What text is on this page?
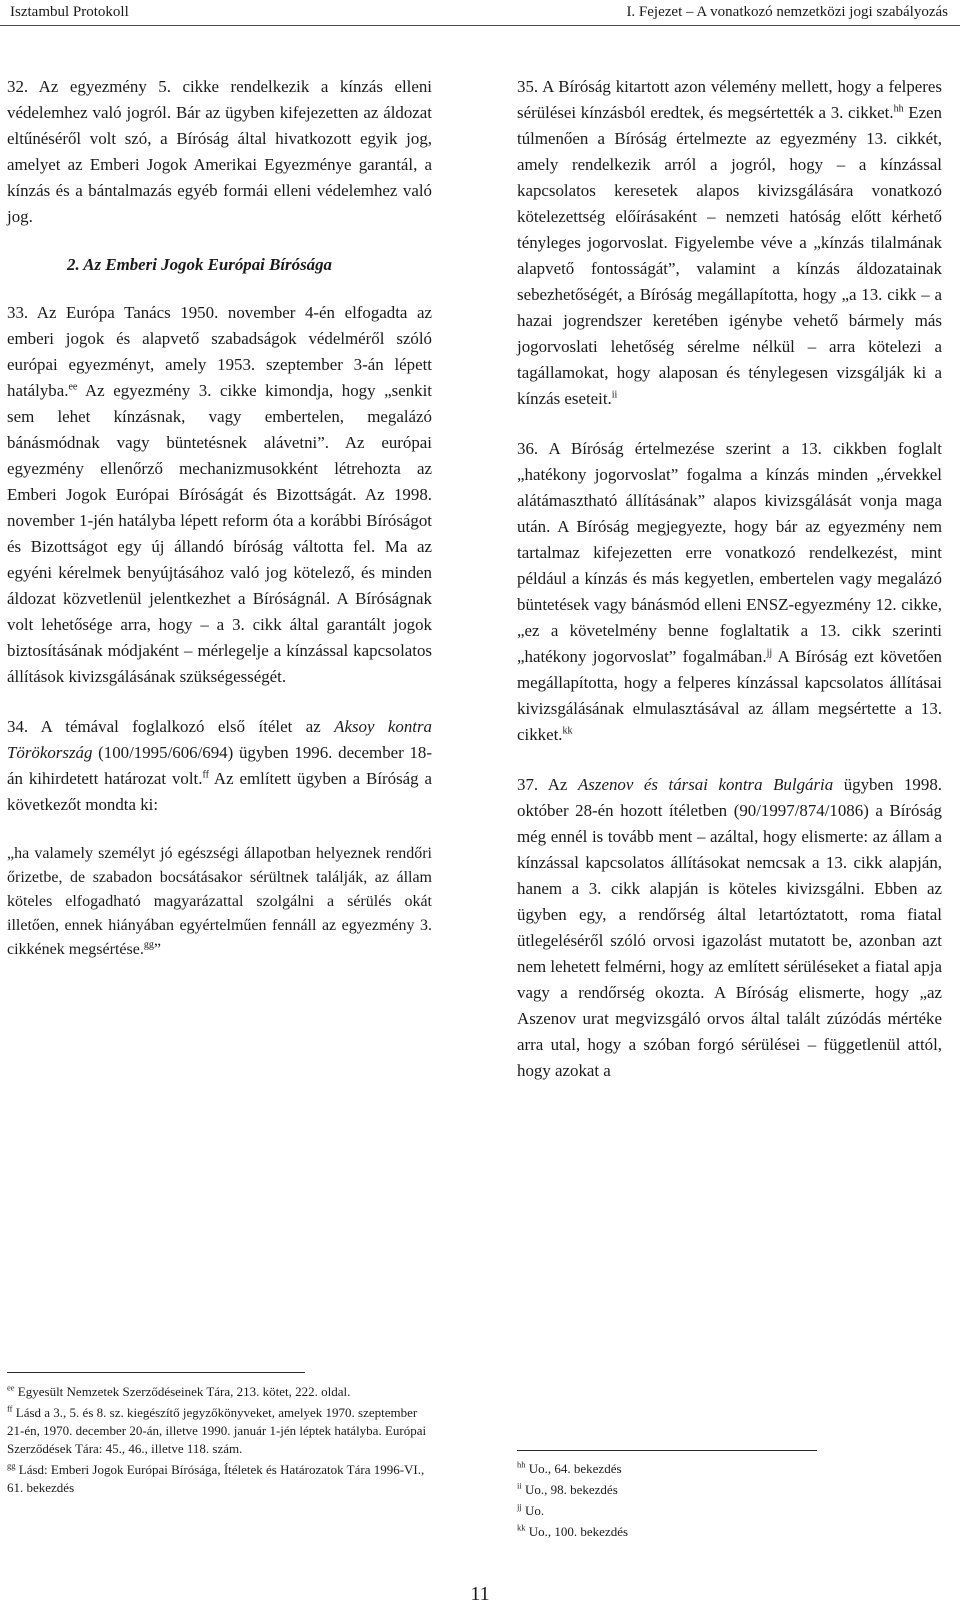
Isztambul Protokoll	I. Fejezet – A vonatkozó nemzetközi jogi szabályozás

32. Az egyezmény 5. cikke rendelkezik a kínzás elleni védelemhez való jogról. Bár az ügyben kifejezetten az áldozat eltűnéséről volt szó, a Bíróság által hivatkozott egyik jog, amelyet az Emberi Jogok Amerikai Egyezménye garantál, a kínzás és a bántalmazás egyéb formái elleni védelemhez való jog.

2. Az Emberi Jogok Európai Bírósága

33. Az Európa Tanács 1950. november 4-én elfogadta az emberi jogok és alapvető szabadságok védelméről szóló európai egyezményt, amely 1953. szeptember 3-án lépett hatályba.$^{ee}$ Az egyezmény 3. cikke kimondja, hogy „senkit sem lehet kínzásnak, vagy embertelen, megalázó bánásmódnak vagy büntetésnek alávetni”. Az európai egyezmény ellenőrző mechanizmusokként létrehozta az Emberi Jogok Európai Bíróságát és Bizottságát. Az 1998. november 1-jén hatályba lépett reform óta a korábbi Bíróságot és Bizottságot egy új állandó bíróság váltotta fel. Ma az egyéni kérelmek benyújtásához való jog kötelező, és minden áldozat közvetlenül jelentkezhet a Bíróságnál. A Bíróságnak volt lehetősége arra, hogy – a 3. cikk által garantált jogok biztosításának módjaként – mérlegelje a kínzással kapcsolatos állítások kivizsgálásának szükségességét.

34. A témával foglalkozó első ítélet az Aksoy kontra Törökország (100/1995/606/694) ügyben 1996. december 18-án kihirdetett határozat volt.$^{ff}$ Az említett ügyben a Bíróság a következőt mondta ki:

„ha valamely személyt jó egészségi állapotban helyeznek rendőri őrizetbe, de szabadon bocsátásakor sérültnek találják, az állam köteles elfogadható magyarázattal szolgálni a sérülés okát illetően, ennek hiányában egyértelműen fennáll az egyezmény 3. cikkének megsértése.$^{gg}$”

$^{ee}$ Egyesült Nemzetek Szerződéseinek Tára, 213. kötet, 222. oldal.

$^{ff}$ Lásd a 3., 5. és 8. sz. kiegészítő jegyzőkönyveket, amelyek 1970. szeptember 21-én, 1970. december 20-án, illetve 1990. január 1-jén léptek hatályba. Európai Szerződések Tára: 45., 46., illetve 118. szám.

$^{gg}$ Lásd: Emberi Jogok Európai Bírósága, Ítéletek és Határozatok Tára 1996-VI., 61. bekezdés

35. A Bíróság kitartott azon vélemény mellett, hogy a felperes sérülései kínzásból eredtek, és megsértették a 3. cikket.$^{hh}$ Ezen túlmenően a Bíróság értelmezte az egyezmény 13. cikkét, amely rendelkezik arról a jogról, hogy – a kínzással kapcsolatos keresetek alapos kivizsgálására vonatkozó kötelezettség előírásaként – nemzeti hatóság előtt kérhető tényleges jogorvoslat. Figyelembe véve a „kínzás tilalmának alapvető fontosságát”, valamint a kínzás áldozatainak sebezhetőségét, a Bíróság megállapította, hogy „a 13. cikk – a hazai jogrendszer keretében igénybe vehető bármely más jogorvoslati lehetőség sérelme nélkül – arra kötelezi a tagállamokat, hogy alaposan és ténylegesen vizsgálják ki a kínzás eseteit.$^{ii}$

36. A Bíróság értelmezése szerint a 13. cikkben foglalt „hatékony jogorvoslat” fogalma a kínzás minden „érvekkel alátámasztható állításának” alapos kivizsgálását vonja maga után. A Bíróság megjegyezte, hogy bár az egyezmény nem tartalmaz kifejezetten erre vonatkozó rendelkezést, mint például a kínzás és más kegyetlen, embertelen vagy megalázó büntetések vagy bánásmód elleni ENSZ-egyezmény 12. cikke, „ez a követelmény benne foglaltatik a 13. cikk szerinti „hatékony jogorvoslat” fogalmában.$^{jj}$ A Bíróság ezt követően megállapította, hogy a felperes kínzással kapcsolatos állításai kivizsgálásának elmulasztásával az állam megsértette a 13. cikket.$^{kk}$

37. Az Aszenov és társai kontra Bulgária ügyben 1998. október 28-én hozott ítéletben (90/1997/874/1086) a Bíróság még ennél is tovább ment – azáltal, hogy elismerte: az állam a kínzással kapcsolatos állításokat nemcsak a 13. cikk alapján, hanem a 3. cikk alapján is köteles kivizsgálni. Ebben az ügyben egy, a rendőrség által letartóztatott, roma fiatal ütlegeléséről szóló orvosi igazolást mutatott be, azonban azt nem lehetett felmérni, hogy az említett sérüléseket a fiatal apja vagy a rendőrség okozta. A Bíróság elismerte, hogy „az Aszenov urat megvizsgáló orvos által talált zúzódás mértéke arra utal, hogy a szóban forgó sérülései – függetlenül attól, hogy azokat a

$^{hh}$ Uo., 64. bekezdés

$^{ii}$ Uo., 98. bekezdés

$^{jj}$ Uo.

$^{kk}$ Uo., 100. bekezdés

11
